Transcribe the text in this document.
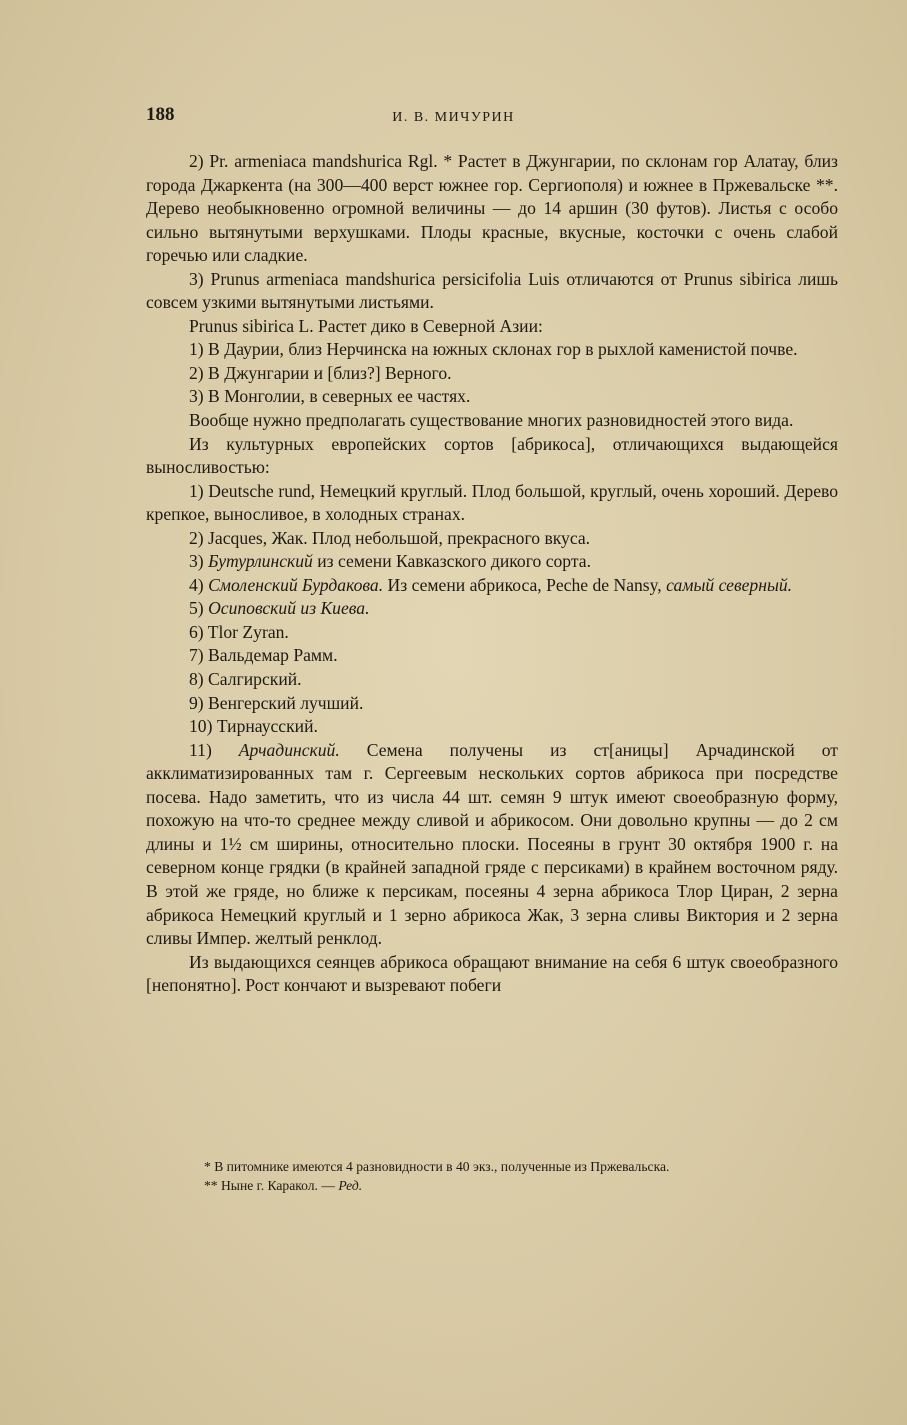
188	И. В. МИЧУРИН

2) Pr. armeniaca mandshurica Rgl. * Растет в Джунгарии, по склонам гор Алатау, близ города Джаркента (на 300—400 верст южнее гор. Сергиополя) и южнее в Пржевальске **. Дерево необыкновенно огромной величины — до 14 аршин (30 футов). Листья с особо сильно вытянутыми верхушками. Плоды красные, вкусные, косточки с очень слабой горечью или сладкие.

3) Prunus armeniaca mandshurica persicifolia Luis отличаются от Prunus sibirica лишь совсем узкими вытянутыми листьями.

Prunus sibirica L. Растет дико в Северной Азии:

1) В Даурии, близ Нерчинска на южных склонах гор в рыхлой каменистой почве.

2) В Джунгарии и [близ?] Верного.

3) В Монголии, в северных ее частях.

Вообще нужно предполагать существование многих разновидностей этого вида.

Из культурных европейских сортов [абрикоса], отличающихся выдающейся выносливостью:

1) Deutsche rund, Немецкий круглый. Плод большой, круглый, очень хороший. Дерево крепкое, выносливое, в холодных странах.

2) Jacques, Жак. Плод небольшой, прекрасного вкуса.

3) Бутурлинский из семени Кавказского дикого сорта.

4) Смоленский Бурдакова. Из семени абрикоса, Peche de Nansy, самый северный.

5) Осиповский из Киева.

6) Tlor Zyran.

7) Вальдемар Рамм.

8) Салгирский.

9) Венгерский лучший.

10) Тирнаусский.

11) Арчадинский. Семена получены из ст[аницы] Арчадинской от акклиматизированных там г. Сергеевым нескольких сортов абрикоса при посредстве посева. Надо заметить, что из числа 44 шт. семян 9 штук имеют своеобразную форму, похожую на что-то среднее между сливой и абрикосом. Они довольно крупны — до 2 см длины и 1½ см ширины, относительно плоски. Посеяны в грунт 30 октября 1900 г. на северном конце грядки (в крайней западной гряде с персиками) в крайнем восточном ряду. В этой же гряде, но ближе к персикам, посеяны 4 зерна абрикоса Тлор Циран, 2 зерна абрикоса Немецкий круглый и 1 зерно абрикоса Жак, 3 зерна сливы Виктория и 2 зерна сливы Импер. желтый ренклод.

Из выдающихся сеянцев абрикоса обращают внимание на себя 6 штук своеобразного [непонятно]. Рост кончают и вызревают побеги

* В питомнике имеются 4 разновидности в 40 экз., полученные из Пржевальска.

** Ныне г. Каракол. — Ред.
